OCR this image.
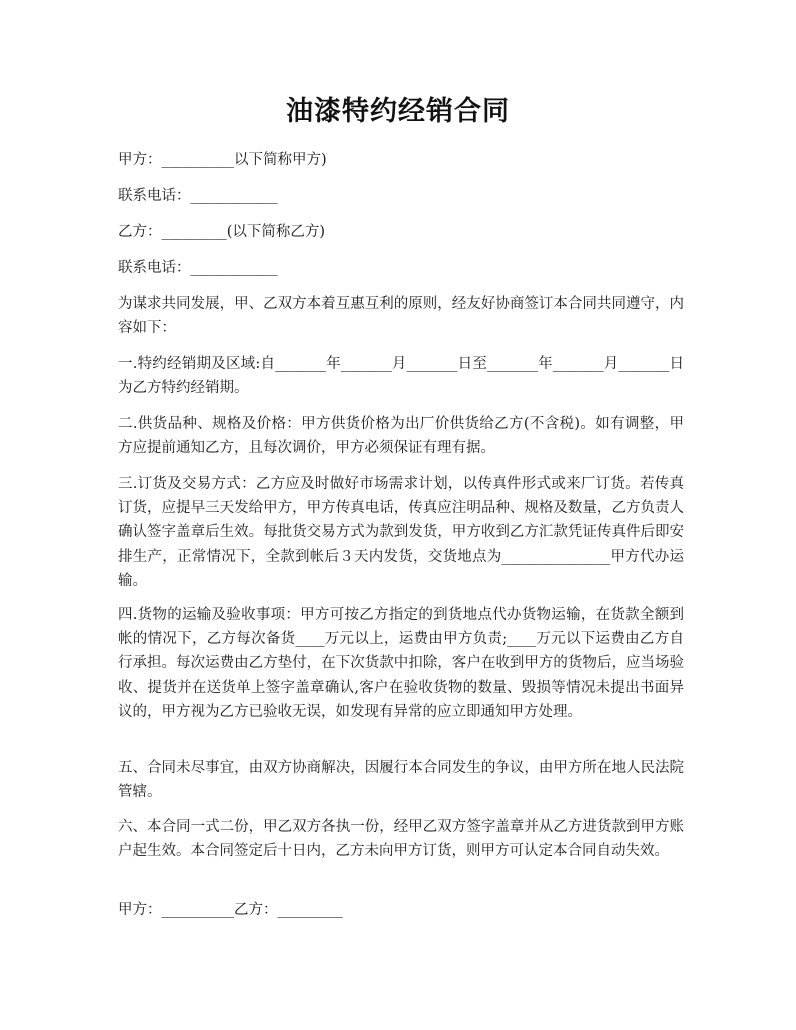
油漆特约经销合同
甲方：__________以下简称甲方)
联系电话：____________
乙方：_________(以下简称乙方)
联系电话：____________
为谋求共同发展，甲、乙双方本着互惠互利的原则，经友好协商签订本合同共同遵守，内容如下：
一.特约经销期及区域:自_______年_______月_______日至_______年_______月_______日为乙方特约经销期。
二.供货品种、规格及价格：甲方供货价格为出厂价供货给乙方(不含税)。如有调整，甲方应提前通知乙方，且每次调价，甲方必须保证有理有据。
三.订货及交易方式：乙方应及时做好市场需求计划，以传真件形式或来厂订货。若传真订货，应提早三天发给甲方，甲方传真电话，传真应注明品种、规格及数量，乙方负责人确认签字盖章后生效。每批货交易方式为款到发货，甲方收到乙方汇款凭证传真件后即安排生产，正常情况下，全款到帐后３天内发货，交货地点为_______________甲方代办运输。
四.货物的运输及验收事项：甲方可按乙方指定的到货地点代办货物运输，在货款全额到帐的情况下，乙方每次备货____万元以上，运费由甲方负责;____万元以下运费由乙方自行承担。每次运费由乙方垫付，在下次货款中扣除，客户在收到甲方的货物后，应当场验收、提货并在送货单上签字盖章确认,客户在验收货物的数量、毁损等情况未提出书面异议的，甲方视为乙方已验收无误，如发现有异常的应立即通知甲方处理。
五、合同未尽事宜，由双方协商解决，因履行本合同发生的争议，由甲方所在地人民法院管辖。
六、本合同一式二份，甲乙双方各执一份，经甲乙双方签字盖章并从乙方进货款到甲方账户起生效。本合同签定后十日内，乙方未向甲方订货，则甲方可认定本合同自动失效。
甲方：__________乙方：_________
